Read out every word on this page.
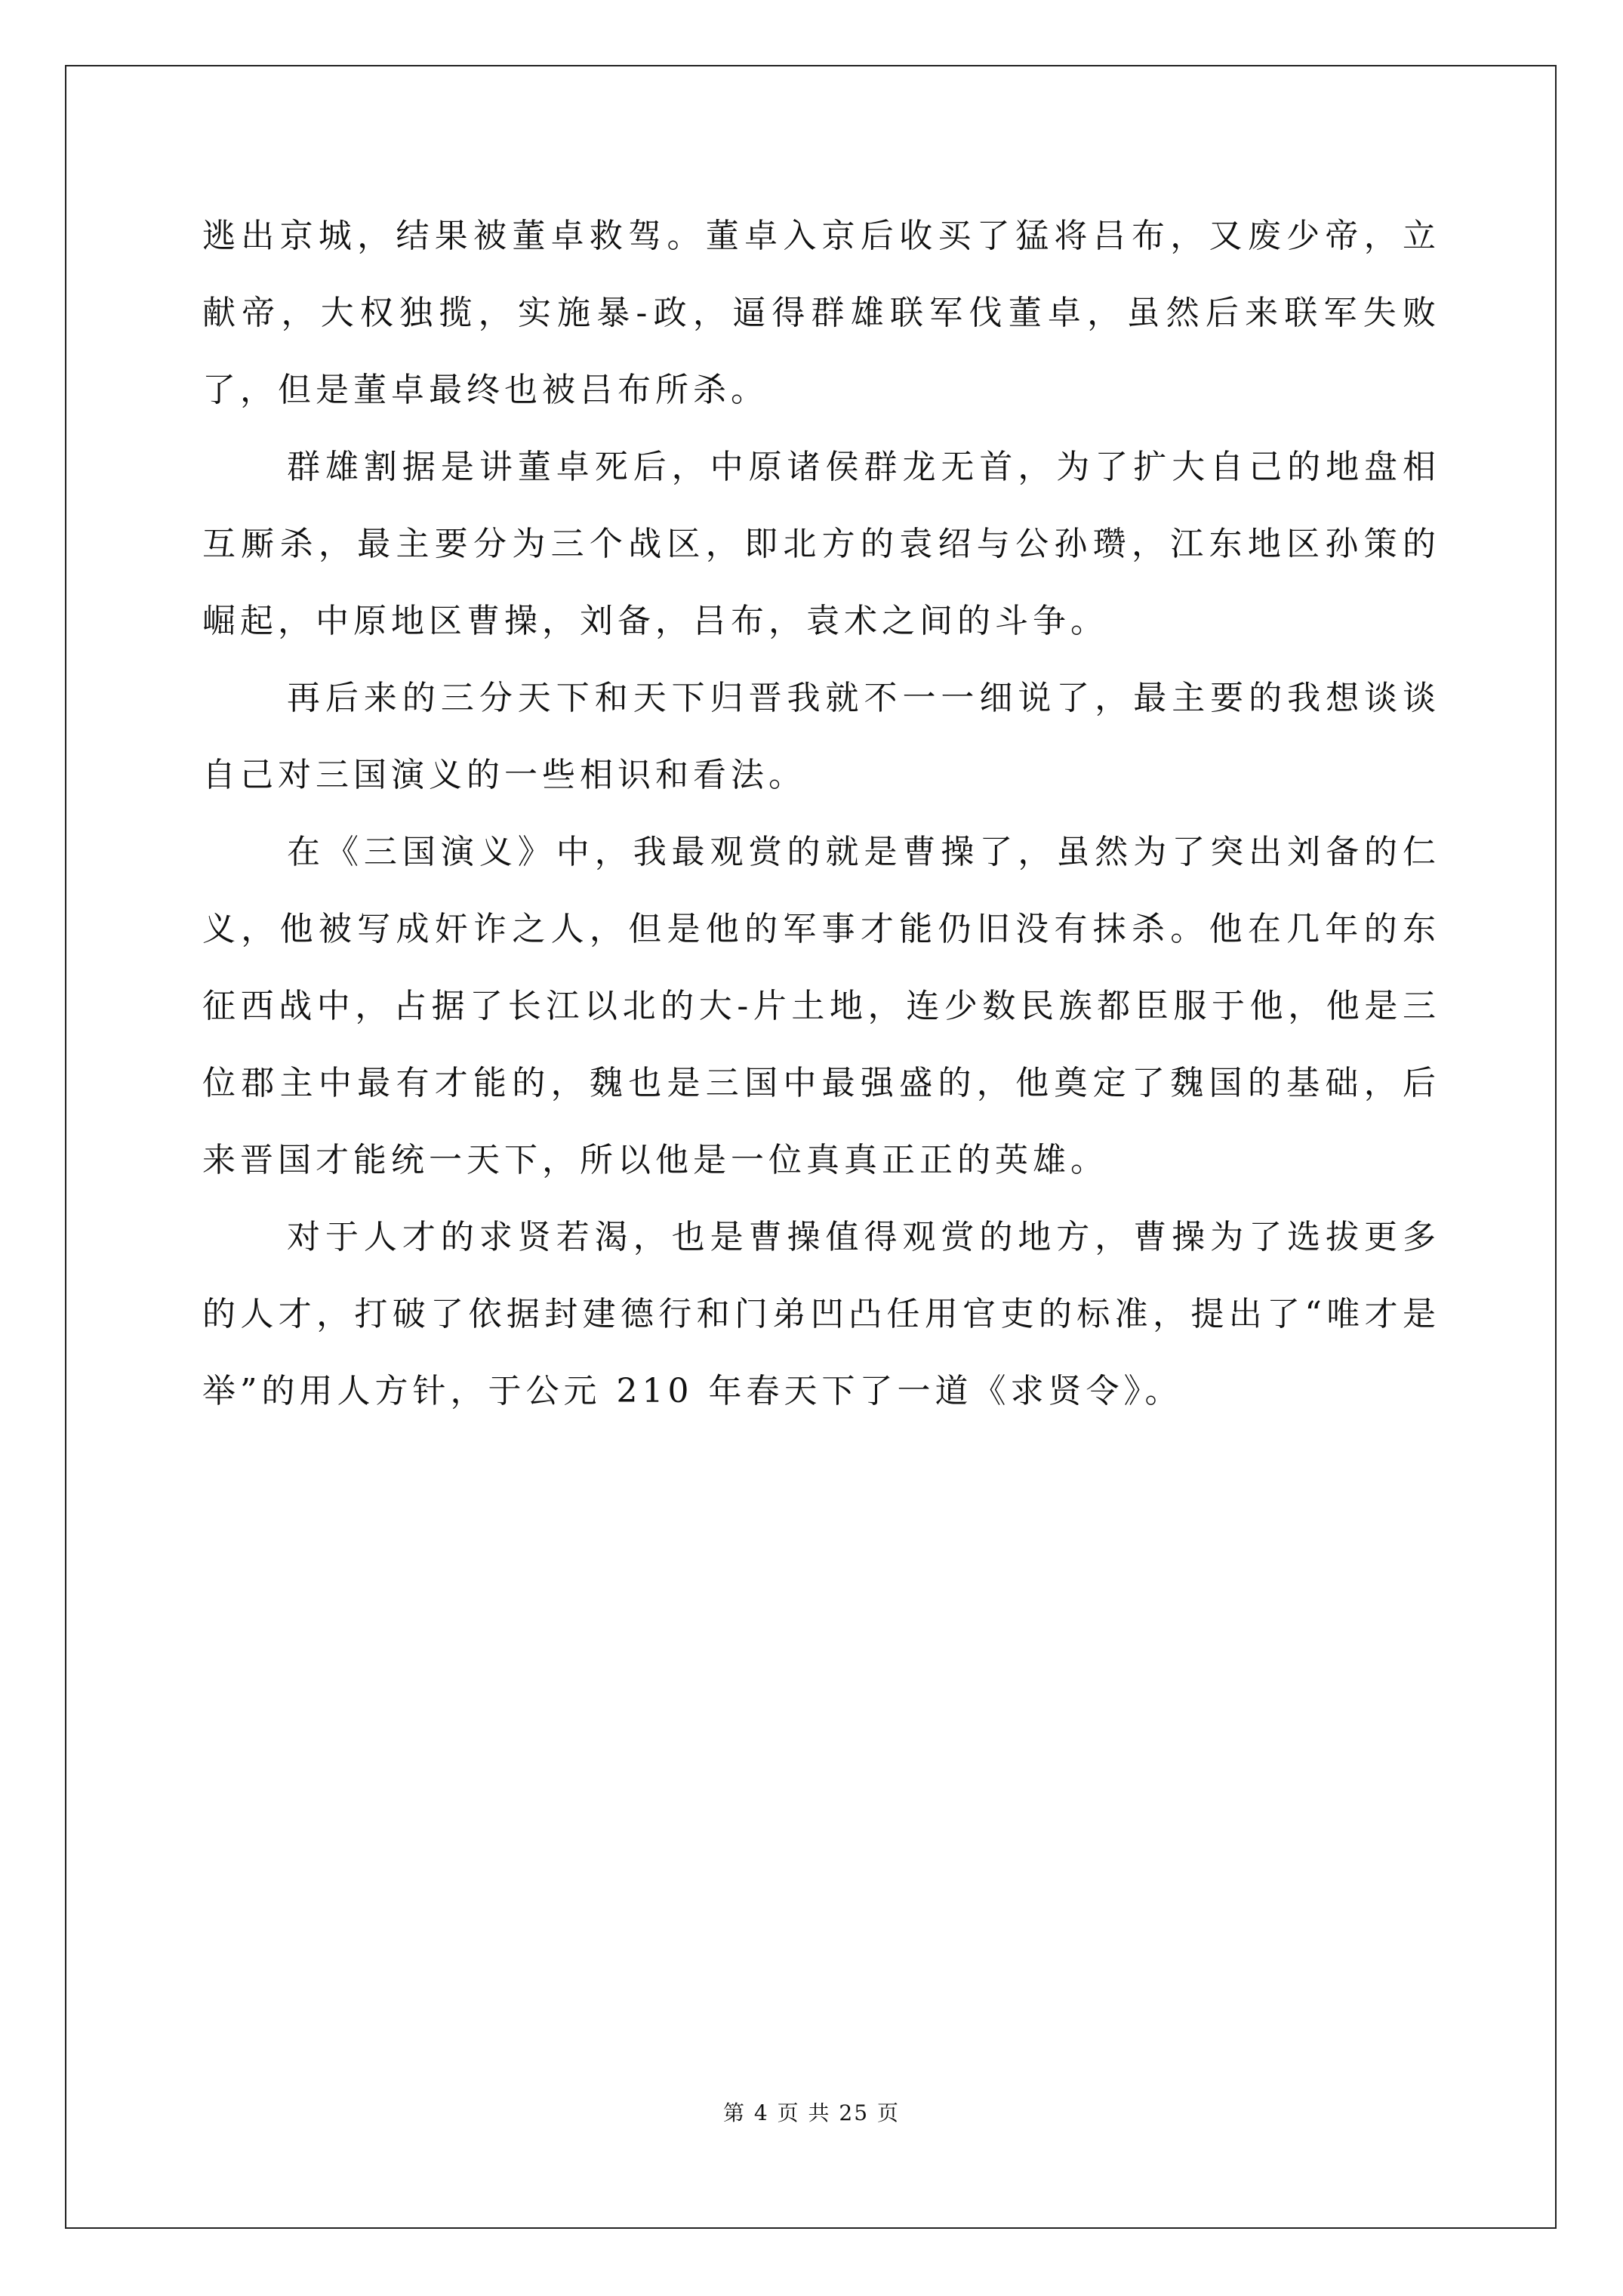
逃出京城，结果被董卓救驾。董卓入京后收买了猛将吕布，又废少帝，立献帝，大权独揽，实施暴-政，逼得群雄联军伐董卓，虽然后来联军失败了，但是董卓最终也被吕布所杀。

群雄割据是讲董卓死后，中原诸侯群龙无首，为了扩大自己的地盘相互厮杀，最主要分为三个战区，即北方的袁绍与公孙瓒，江东地区孙策的崛起，中原地区曹操，刘备，吕布，袁术之间的斗争。

再后来的三分天下和天下归晋我就不一一细说了，最主要的我想谈谈自己对三国演义的一些相识和看法。

在《三国演义》中，我最观赏的就是曹操了，虽然为了突出刘备的仁义，他被写成奸诈之人，但是他的军事才能仍旧没有抹杀。他在几年的东征西战中，占据了长江以北的大-片土地，连少数民族都臣服于他，他是三位郡主中最有才能的，魏也是三国中最强盛的，他奠定了魏国的基础，后来晋国才能统一天下，所以他是一位真真正正的英雄。

对于人才的求贤若渴，也是曹操值得观赏的地方，曹操为了选拔更多的人才，打破了依据封建德行和门弟凹凸任用官吏的标准，提出了“唯才是举”的用人方针，于公元 210 年春天下了一道《求贤令》。

第 4 页 共 25 页
